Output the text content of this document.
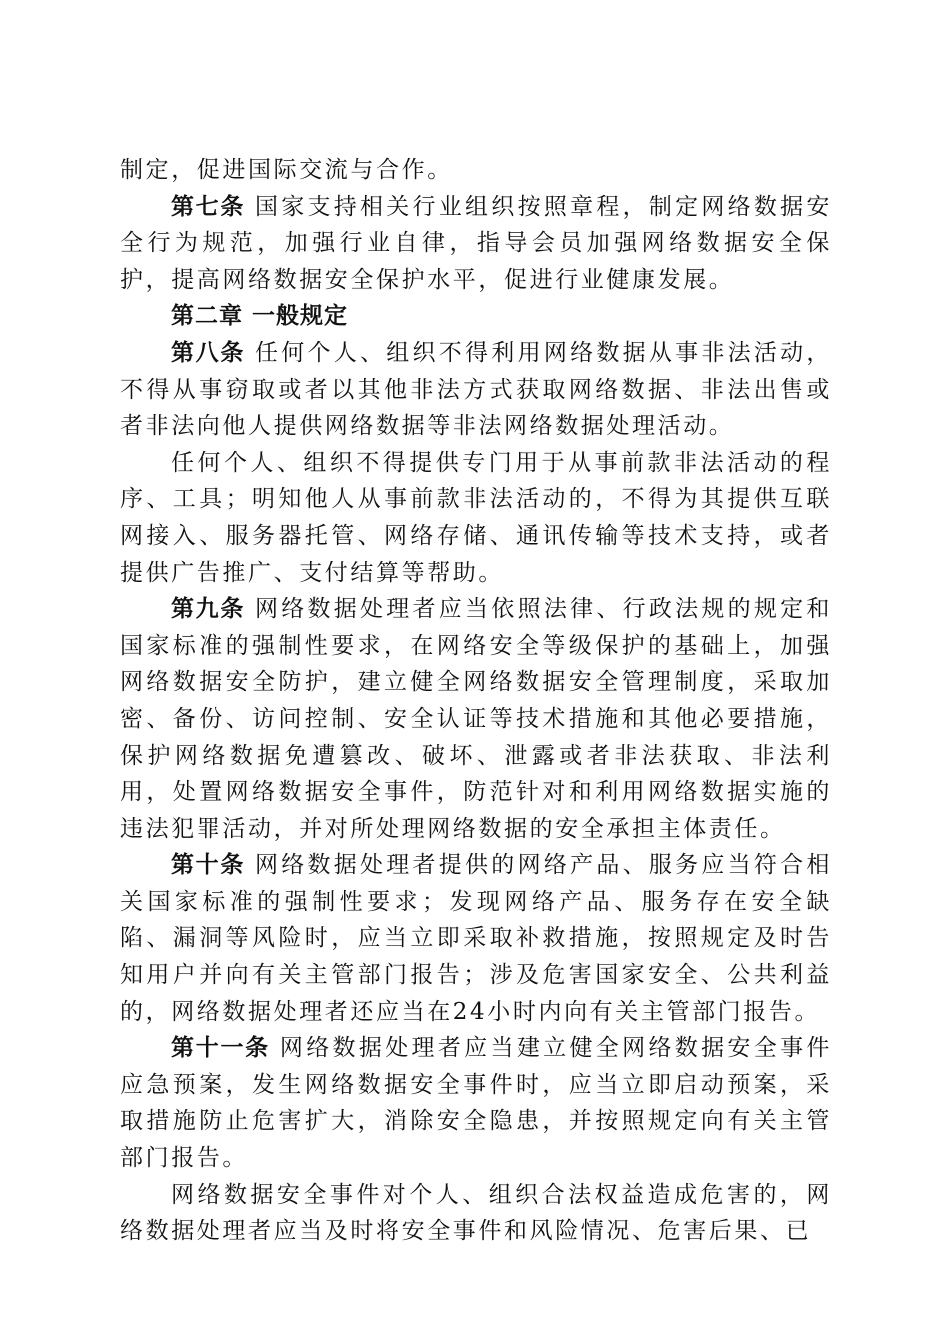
制定，促进国际交流与合作。

第七条 国家支持相关行业组织按照章程，制定网络数据安全行为规范，加强行业自律，指导会员加强网络数据安全保护，提高网络数据安全保护水平，促进行业健康发展。

第二章 一般规定

第八条 任何个人、组织不得利用网络数据从事非法活动，不得从事窃取或者以其他非法方式获取网络数据、非法出售或者非法向他人提供网络数据等非法网络数据处理活动。

任何个人、组织不得提供专门用于从事前款非法活动的程序、工具；明知他人从事前款非法活动的，不得为其提供互联网接入、服务器托管、网络存储、通讯传输等技术支持，或者提供广告推广、支付结算等帮助。

第九条 网络数据处理者应当依照法律、行政法规的规定和国家标准的强制性要求，在网络安全等级保护的基础上，加强网络数据安全防护，建立健全网络数据安全管理制度，采取加密、备份、访问控制、安全认证等技术措施和其他必要措施，保护网络数据免遭篡改、破坏、泄露或者非法获取、非法利用，处置网络数据安全事件，防范针对和利用网络数据实施的违法犯罪活动，并对所处理网络数据的安全承担主体责任。

第十条 网络数据处理者提供的网络产品、服务应当符合相关国家标准的强制性要求；发现网络产品、服务存在安全缺陷、漏洞等风险时，应当立即采取补救措施，按照规定及时告知用户并向有关主管部门报告；涉及危害国家安全、公共利益的，网络数据处理者还应当在24小时内向有关主管部门报告。

第十一条 网络数据处理者应当建立健全网络数据安全事件应急预案，发生网络数据安全事件时，应当立即启动预案，采取措施防止危害扩大，消除安全隐患，并按照规定向有关主管部门报告。

网络数据安全事件对个人、组织合法权益造成危害的，网络数据处理者应当及时将安全事件和风险情况、危害后果、已
